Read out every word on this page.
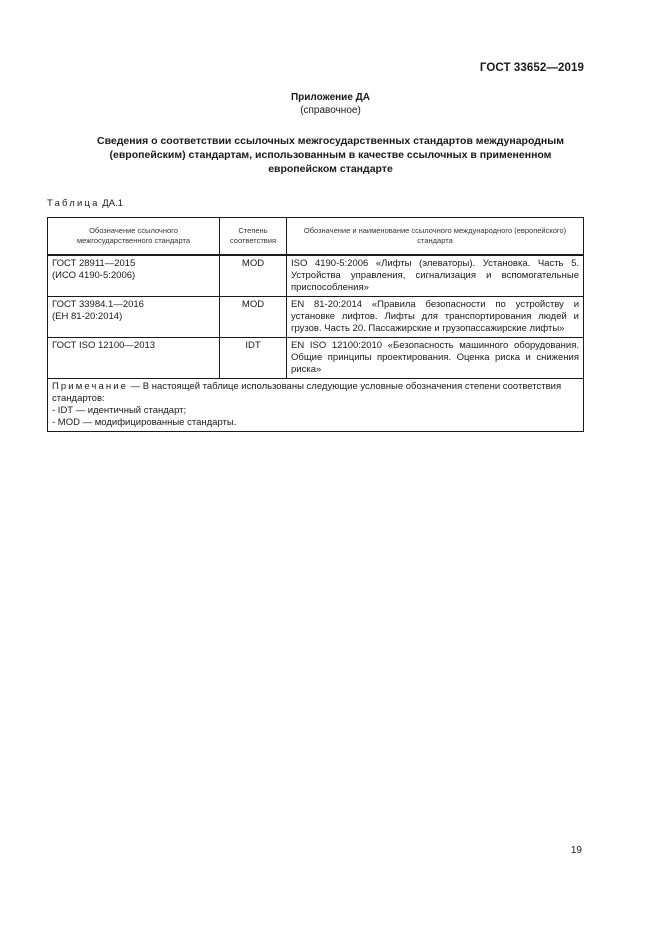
ГОСТ 33652—2019
Приложение ДА
(справочное)
Сведения о соответствии ссылочных межгосударственных стандартов международным
(европейским) стандартам, использованным в качестве ссылочных в примененном
европейском стандарте
Таблица ДА.1
Обозначение ссылочного межгосударственного стандарта	Степень соответствия	Обозначение и наименование ссылочного международного (европейского) стандарта

ГОСТ 28911—2015
(ИСО 4190-5:2006)	MOD	ISO 4190-5:2006 «Лифты (элеваторы). Установка. Часть 5. Устройства управления, сигнализация и вспомогательные приспособления»

ГОСТ 33984.1—2016
(ЕН 81-20:2014)	MOD	EN 81-20:2014 «Правила безопасности по устройству и установке лифтов. Лифты для транспортирования людей и грузов. Часть 20. Пассажирские и грузопассажирские лифты»

ГОСТ ISO 12100—2013	IDT	EN ISO 12100:2010 «Безопасность машинного оборудования. Общие принципы проектирования. Оценка риска и снижения риска»
Примечание — В настоящей таблице использованы следующие условные обозначения степени соответствия стандартов:
- IDT — идентичный стандарт;
- MOD — модифицированные стандарты.		
19
